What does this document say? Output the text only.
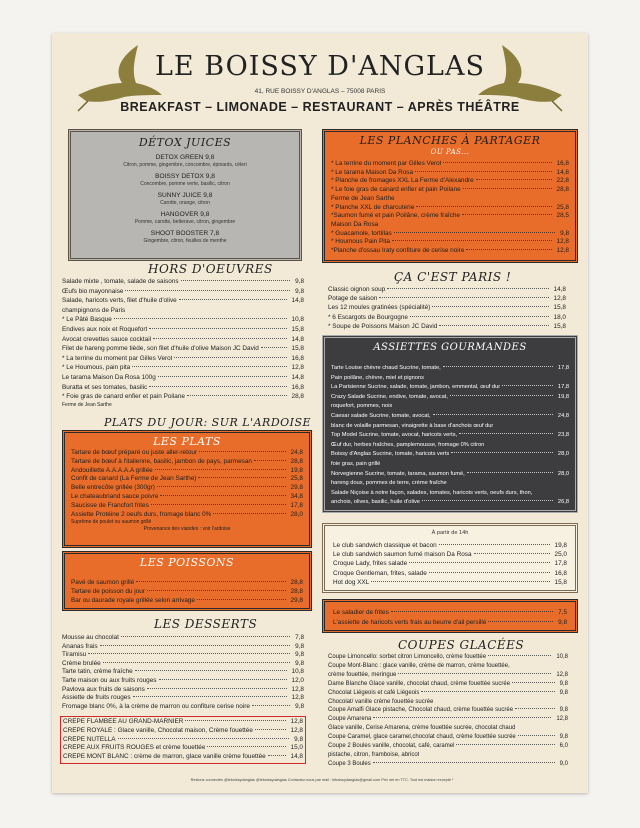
LE BOISSY D'ANGLAS
41, RUE BOISSY D'ANGLAS – 75008 PARIS
BREAKFAST – LIMONADE – RESTAURANT – APRÈS THÉÂTRE
DÉTOX JUICES
DETOX GREEN 9,8
Citron, pomme, gingembre, concombre, épinards, céleri
BOISSY DETOX 9,8
Concombre, pomme verte, basilic, citron
SUNNY JUICE 9,8
Carotte, orange, citron
HANGOVER 9,8
Pomme, carotte, betterave, citron, gingembre
SHOOT BOOSTER 7,8
Gingembre, citron, feuilles de menthe
HORS D'OEUVRES
Salade mixte , tomate, salade de saisons	9,8
Œufs bio mayonnaise	9,8
Salade, haricots verts, filet d'huile d'olive	14,8
champignons de Paris
* Le Pâté Basque	10,8
Endives aux noix et Roquefort	15,8
Avocat crevettes sauce cocktail	14,8
Filet de hareng pomme tiède, son filet d'huile d'olive Maison JC David	15,8
* La terrine du moment par Gilles Verot	16,8
* Le Houmous, pain pita	12,8
Le tarama Maison Da Rosa 100g	14,8
Buratta et ses tomates, basilic	16,8
* Foie gras de canard enfier et pain Poilane	28,8
Ferme de Jean Sarthe
PLATS DU JOUR: SUR L'ARDOISE
LES PLATS
Tartare de bœuf préparé ou juste aller-retour	24,8
Tartare de bœuf à l'italienne, basilic, jambon de pays, parmesan	28,8
Andouillette A.A.A.A.A grillée	19,8
Confit de canard (La Ferme de Jean Sarthe)	25,8
Belle entrecôte grillée (300gr)	29,8
Le chateaubriand sauce poivre	34,8
Saucisse de Francfort frites	17,8
Assiette Protéine 2 oeufs durs, fromage blanc 0%	28,0
Suprême de poulet ou saumon grillé
Provenance des viandes : voir l'ardoise
LES POISSONS
Pavé de saumon grillé	28,8
Tartare de poisson du jour	28,8
Bar ou daurade royale grillée selon arrivage	29,8
LES DESSERTS
Mousse au chocolat	7,8
Ananas frais	9,8
Tiramisu	9,8
Crème brulée	9,8
Tarte tatin, crème fraîche	10,8
Tarte maison ou aux fruits rouges	12,0
Pavlova aux fruits de saisons	12,8
Assiette de fruits rouges	12,8
Fromage blanc 0%, à la crème de marron ou confiture cerise noire	9,8
CRÊPE FLAMBÉE AU GRAND-MARNIER	12,8
CRÊPE ROYALE : Glace vanille, Chocolat maison, Crème fouettée	12,8
CRÊPE NUTELLA	9,8
CRÊPE AUX FRUITS ROUGES et crème fouettée	15,0
CRÊPE MONT BLANC : crème de marron, glace vanille crème fouettée	14,8
LES PLANCHES À PARTAGER
OU PAS...
* La terrine du moment par Gilles Verot	16,8
* Le tarama Maison Da Rosa	14,8
* Planche de fromages XXL La Ferme d'Alexandre	22,8
* Le foie gras de canard enfier et pain Poilane	28,8
Ferme de Jean Sarthe
* Planche XXL de charcuterie	25,8
*Saumon fumé et pain Poilâne, crème fraîche	28,5
Maison Da Rosa
* Guacamole, tortillas	9,8
* Houmous Pain Pita	12,8
*Planche d'ossau Iraty confiture de cerise noire	12,8
ÇA C'EST PARIS !
Classic oignon soup	14,8
Potage de saison	12,8
Les 12 moules gratinées (spécialité)	15,8
* 6 Escargots de Bourgogne	18,0
* Soupe de Poissons Maison JC David	15,8
ASSIETTES GOURMANDES
Tarte Louise chèvre chaud Sucrine, tomate,	17,8
Pain poilâne, chèvre, miel et pignons
La Parisienne Sucrine, salade, tomate, jambon, emmental, œuf dur	17,8
Crazy Salade Sucrine, endive, tomate, avocat,	19,8
roquefort, pommes, noix
Caesar salade Sucrine, tomate, avocat,	24,8
blanc de volaille parmesan, vinaigrette à base d'anchois œuf dur
Top Model Sucrine, tomate, avocat, haricots verts,	23,8
Œuf dur, herbes fraîches, pamplemousse, fromage 0% citron
Boissy d'Anglas Sucrine, tomate, haricots verts	28,0
foie gras, pain grillé
Norvegienne Sucrine, tomate, tarama, saumon fumé,	28,0
hareng doux, pommes de terre, crème fraîche
Salade Niçoise à notre façon, salades, tomates, haricots verts, oeufs durs, thon,
anchois, olives, basilic, huile d'olive	26,8
À partir de 14h
Le club sandwich classique et bacon	19,8
Le club sandwich saumon fumé maison Da Rosa	25,0
Croque Lady, frites salade	17,8
Croque Gentleman, frites, salade	16,8
Hot dog XXL	15,8
Le saladier de frites	7,5
L'assiette de haricots verts frais au beurre d'ail persillé	9,8
COUPES GLACÉES
Coupe Limoncello: sorbet citron Limoncello, crème fouettée	10,8
Coupe Mont-Blanc : glace vanille, crème de marron, crème fouettée,
crème fouettée, meringue	12,8
Dame Blanche Glace vanille, chocolat chaud, crème fouettée sucrée	9,8
Chocolat Liégeois et café Liégeois	9,8
Chocolat/ vanille crème fouettée sucrée
Coupe Amalfi Glace pistache, Chocolat chaud, crème fouettée sucrée	9,8
Coupe Amarena	12,8
Glace vanille, Cerise Amarena, crème fouettée sucrée, chocolat chaud
Coupe Caramel, glace caramel,chocolat chaud, crème fouettée sucrée	9,8
Coupe 2 Boules vanille, chocolat, café, caramel	6,0
pistache, citron, framboise, abricot
Coupe 3 Boules	9,0
Restons connectés @leboissydanglas @leboissydanglas Contactez-nous par mail : leboissydanglas@gmail.com Prix net en TTC. Tout est maison excepté *
